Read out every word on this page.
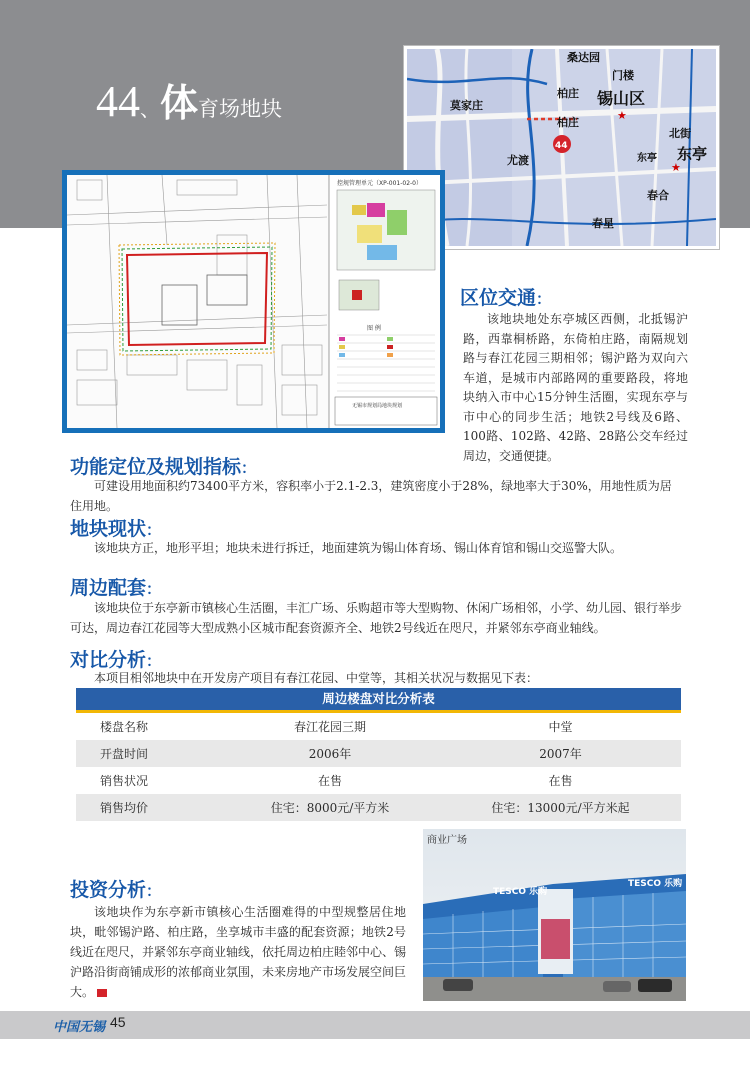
44、体育场地块
桑达园
门楼
莫家庄
柏庄 锡山区
柏庄
北街
东亭 东亭
尤渡
春合
春星
★
★
44
控规管理单元（XP-001-02-0）
图 例
无锡市规划局地块规划
区位交通：

该地块地处东亭城区西侧，北抵锡沪路，西靠桐桥路，东倚柏庄路，南隔规划路与春江花园三期相邻；锡沪路为双向六车道，是城市内部路网的重要路段，将地块纳入市中心15分钟生活圈，实现东亭与市中心的同步生活；地铁2号线及6路、100路、102路、42路、28路公交车经过周边，交通便捷。

功能定位及规划指标：

可建设用地面积约73400平方米，容积率小于2.1-2.3，建筑密度小于28%，绿地率大于30%，用地性质为居住用地。

地块现状：

该地块方正，地形平坦；地块未进行拆迁，地面建筑为锡山体育场、锡山体育馆和锡山交巡警大队。

周边配套：

该地块位于东亭新市镇核心生活圈，丰汇广场、乐购超市等大型购物、休闲广场相邻，小学、幼儿园、银行举步可达，周边春江花园等大型成熟小区城市配套资源齐全、地铁2号线近在咫尺，并紧邻东亭商业轴线。

对比分析：

本项目相邻地块中在开发房产项目有春江花园、中堂等，其相关状况与数据见下表：

周边楼盘对比分析表
楼盘名称	春江花园三期	中堂
开盘时间	2006年	2007年
销售状况	在售	在售
销售均价	住宅：8000元/平方米	住宅：13000元/平方米起
投资分析：

该地块作为东亭新市镇核心生活圈难得的中型规整居住地块，毗邻锡沪路、柏庄路，坐享城市丰盛的配套资源；地铁2号线近在咫尺，并紧邻东亭商业轴线，依托周边柏庄睦邻中心、锡沪路沿街商铺成形的浓郁商业氛围，未来房地产市场发展空间巨大。

商业广场
TESCO 乐购
TESCO 乐购
中国无锡 45
